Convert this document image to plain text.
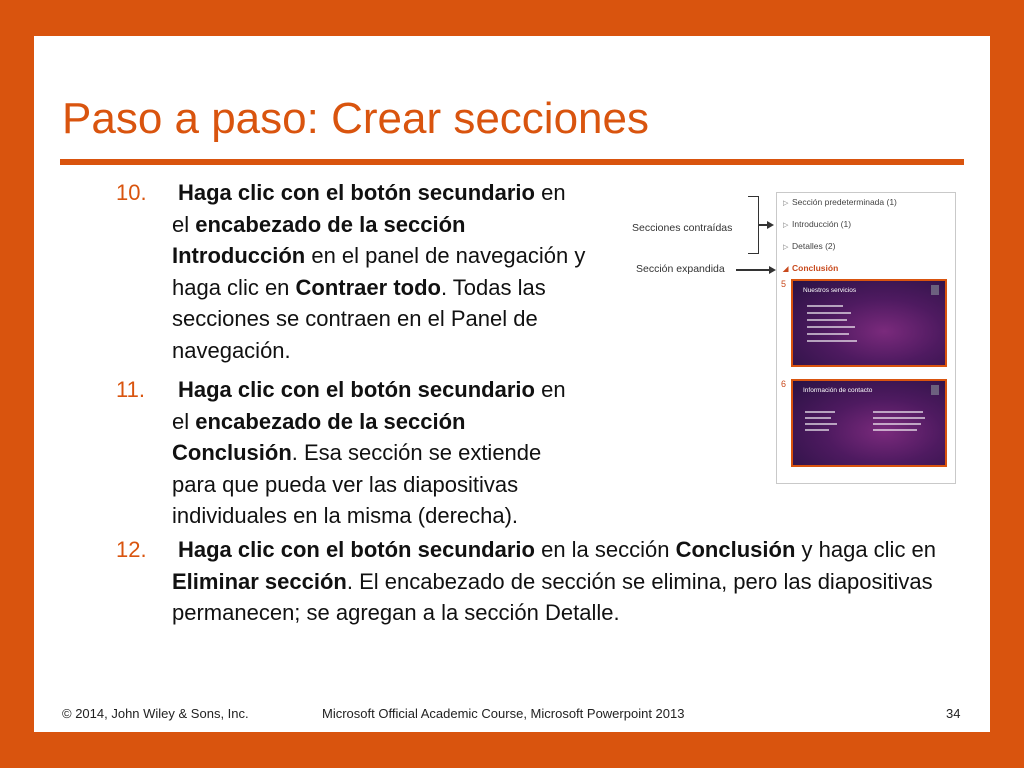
Paso a paso: Crear secciones
10. Haga clic con el botón secundario en el encabezado de la sección Introducción en el panel de navegación y haga clic en Contraer todo. Todas las secciones se contraen en el Panel de navegación.
11. Haga clic con el botón secundario en el encabezado de la sección Conclusión. Esa sección se extiende para que pueda ver las diapositivas individuales en la misma (derecha).
12. Haga clic con el botón secundario en la sección Conclusión y haga clic en Eliminar sección. El encabezado de sección se elimina, pero las diapositivas permanecen; se agregan a la sección Detalle.
Secciones contraídas
Sección expandida
▷ Sección predeterminada (1)
▷ Introducción (1)
▷ Detalles (2)
◢ Conclusión
5
Nuestros servicios
6
Información de contacto
© 2014, John Wiley & Sons, Inc.	Microsoft Official Academic Course, Microsoft Powerpoint 2013	34
